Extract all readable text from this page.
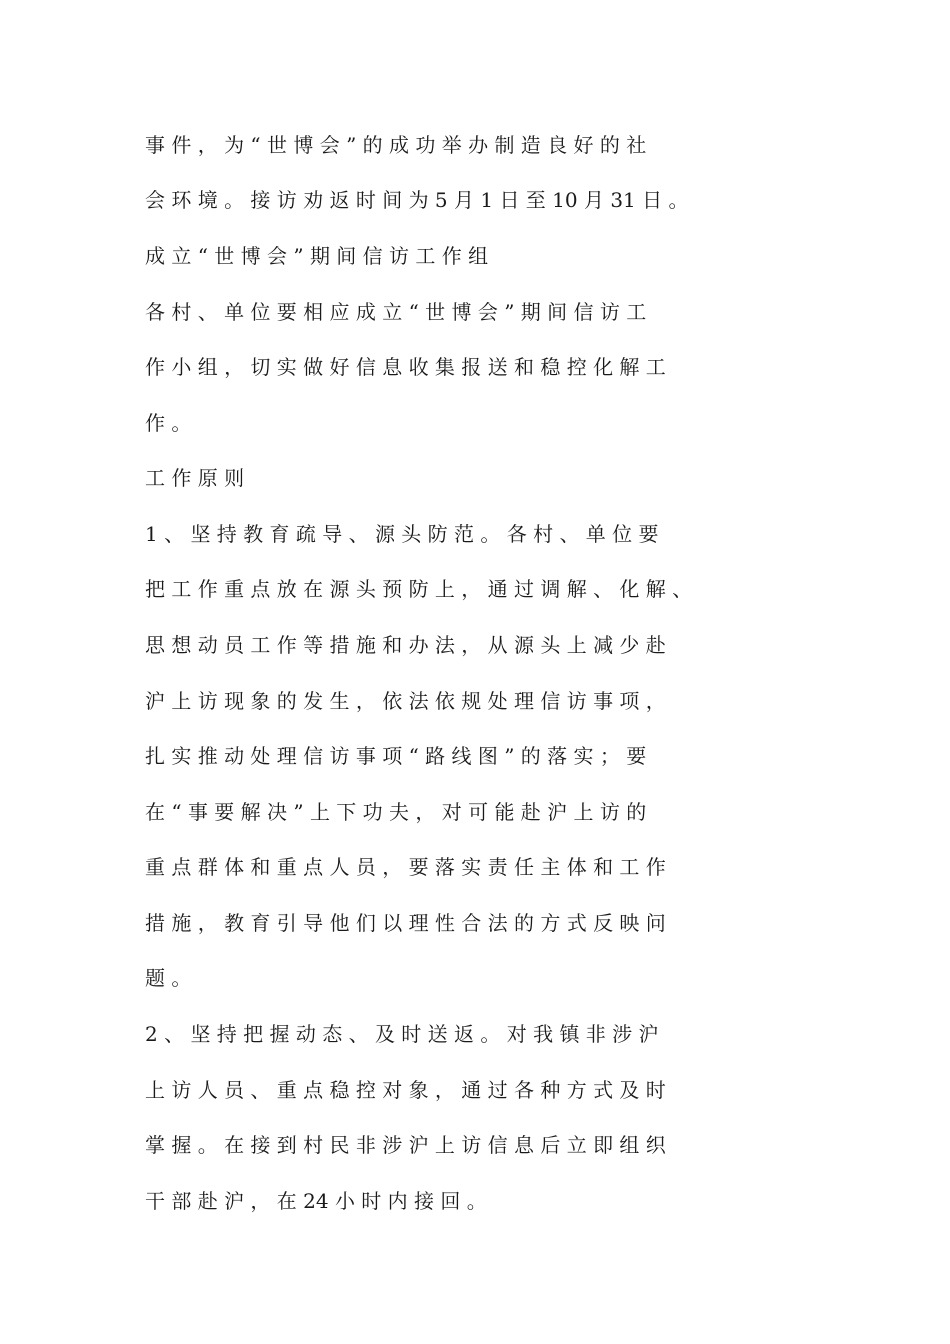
事 件 ， 为 “ 世 博 会 ” 的 成 功 举 办 制 造 良 好 的 社
会 环 境 。 接 访 劝 返 时 间 为 5 月 1 日 至 10 月 31 日 。
成 立 “ 世 博 会 ” 期 间 信 访 工 作 组
各 村 、 单 位 要 相 应 成 立 “ 世 博 会 ” 期 间 信 访 工
作 小 组 ， 切 实 做 好 信 息 收 集 报 送 和 稳 控 化 解 工
作 。
工 作 原 则
1 、 坚 持 教 育 疏 导 、 源 头 防 范 。 各 村 、 单 位 要
把 工 作 重 点 放 在 源 头 预 防 上 ， 通 过 调 解 、 化 解 、
思 想 动 员 工 作 等 措 施 和 办 法 ， 从 源 头 上 减 少 赴
沪 上 访 现 象 的 发 生 ， 依 法 依 规 处 理 信 访 事 项 ，
扎 实 推 动 处 理 信 访 事 项 “ 路 线 图 ” 的 落 实 ； 要
在 “ 事 要 解 决 ” 上 下 功 夫 ， 对 可 能 赴 沪 上 访 的
重 点 群 体 和 重 点 人 员 ， 要 落 实 责 任 主 体 和 工 作
措 施 ， 教 育 引 导 他 们 以 理 性 合 法 的 方 式 反 映 问
题 。
2 、 坚 持 把 握 动 态 、 及 时 送 返 。 对 我 镇 非 涉 沪
上 访 人 员 、 重 点 稳 控 对 象 ， 通 过 各 种 方 式 及 时
掌 握 。 在 接 到 村 民 非 涉 沪 上 访 信 息 后 立 即 组 织
干 部 赴 沪 ， 在 24 小 时 内 接 回 。
